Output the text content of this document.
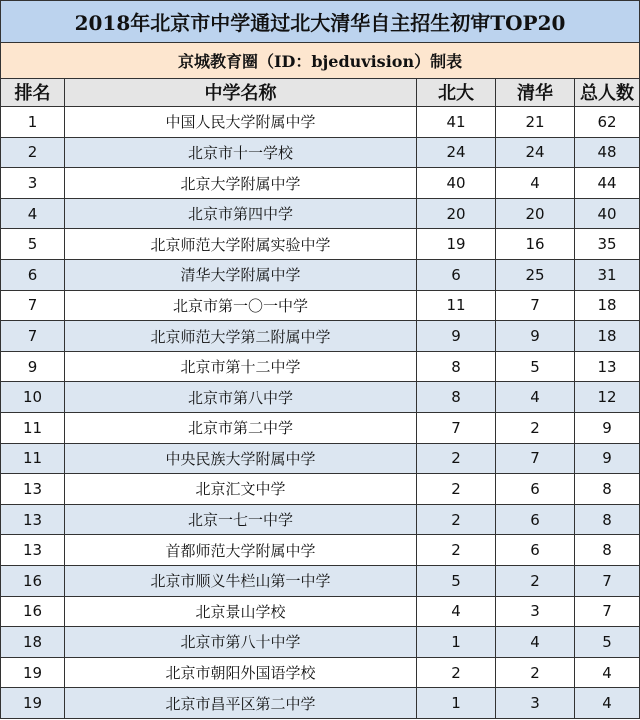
2018年北京市中学通过北大清华自主招生初审TOP20				
京城教育圈（ID：bjeduvision）制表				
排名	中学名称	北大	清华	总人数
1	中国人民大学附属中学	41	21	62
2	北京市十一学校	24	24	48
3	北京大学附属中学	40	4	44
4	北京市第四中学	20	20	40
5	北京师范大学附属实验中学	19	16	35
6	清华大学附属中学	6	25	31
7	北京市第一〇一中学	11	7	18
7	北京师范大学第二附属中学	9	9	18
9	北京市第十二中学	8	5	13
10	北京市第八中学	8	4	12
11	北京市第二中学	7	2	9
11	中央民族大学附属中学	2	7	9
13	北京汇文中学	2	6	8
13	北京一七一中学	2	6	8
13	首都师范大学附属中学	2	6	8
16	北京市顺义牛栏山第一中学	5	2	7
16	北京景山学校	4	3	7
18	北京市第八十中学	1	4	5
19	北京市朝阳外国语学校	2	2	4
19	北京市昌平区第二中学	1	3	4
